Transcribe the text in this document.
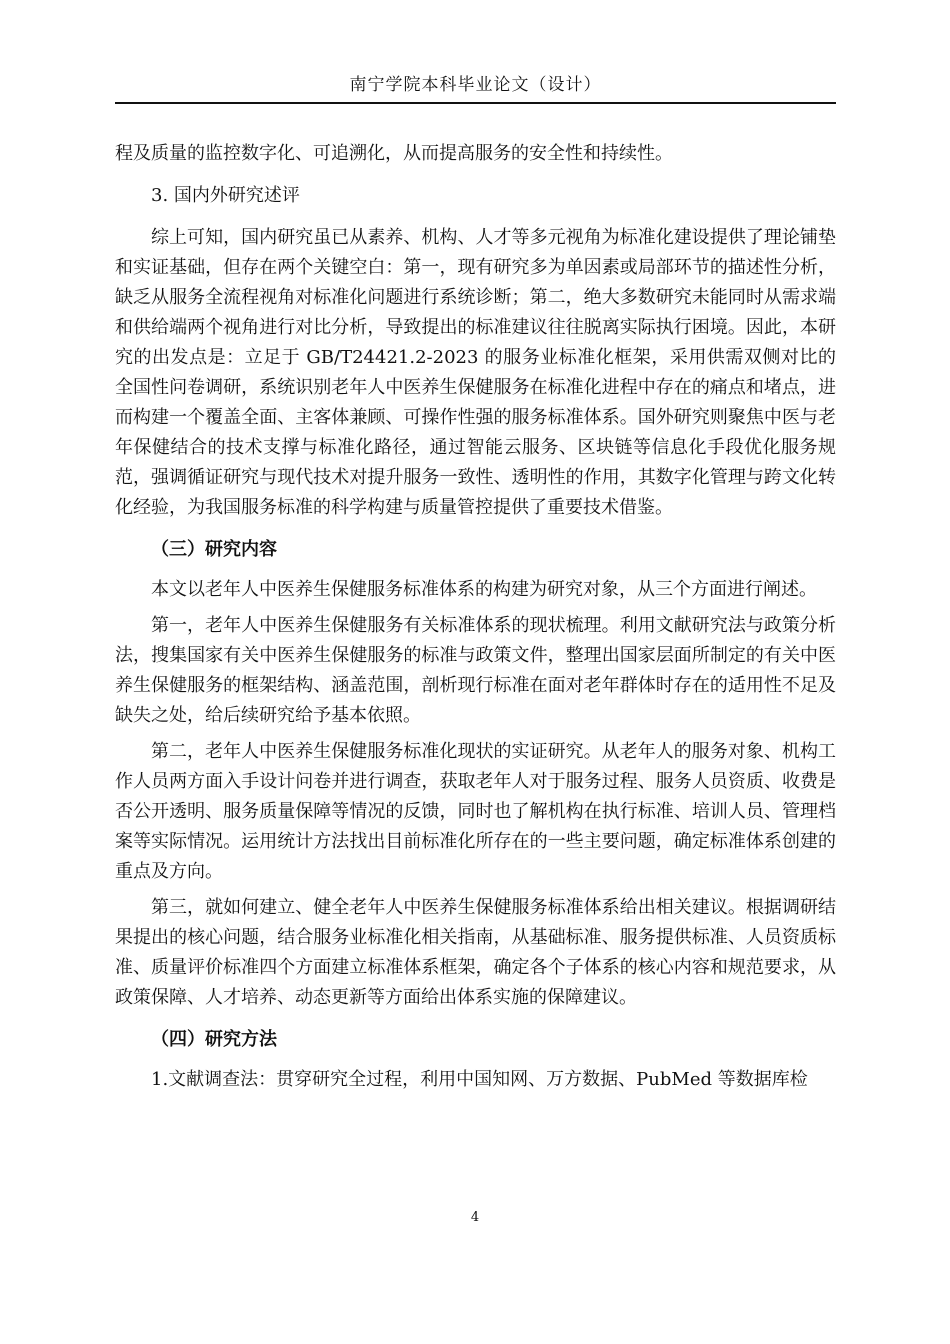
南宁学院本科毕业论文（设计）

程及质量的监控数字化、可追溯化，从而提高服务的安全性和持续性。

3. 国内外研究述评

综上可知，国内研究虽已从素养、机构、人才等多元视角为标准化建设提供了理论铺垫和实证基础，但存在两个关键空白：第一，现有研究多为单因素或局部环节的描述性分析，缺乏从服务全流程视角对标准化问题进行系统诊断；第二，绝大多数研究未能同时从需求端和供给端两个视角进行对比分析，导致提出的标准建议往往脱离实际执行困境。因此，本研究的出发点是：立足于 GB/T24421.2-2023 的服务业标准化框架，采用供需双侧对比的全国性问卷调研，系统识别老年人中医养生保健服务在标准化进程中存在的痛点和堵点，进而构建一个覆盖全面、主客体兼顾、可操作性强的服务标准体系。国外研究则聚焦中医与老年保健结合的技术支撑与标准化路径，通过智能云服务、区块链等信息化手段优化服务规范，强调循证研究与现代技术对提升服务一致性、透明性的作用，其数字化管理与跨文化转化经验，为我国服务标准的科学构建与质量管控提供了重要技术借鉴。

（三）研究内容

本文以老年人中医养生保健服务标准体系的构建为研究对象，从三个方面进行阐述。

第一，老年人中医养生保健服务有关标准体系的现状梳理。利用文献研究法与政策分析法，搜集国家有关中医养生保健服务的标准与政策文件，整理出国家层面所制定的有关中医养生保健服务的框架结构、涵盖范围，剖析现行标准在面对老年群体时存在的适用性不足及缺失之处，给后续研究给予基本依照。

第二，老年人中医养生保健服务标准化现状的实证研究。从老年人的服务对象、机构工作人员两方面入手设计问卷并进行调查，获取老年人对于服务过程、服务人员资质、收费是否公开透明、服务质量保障等情况的反馈，同时也了解机构在执行标准、培训人员、管理档案等实际情况。运用统计方法找出目前标准化所存在的一些主要问题，确定标准体系创建的重点及方向。

第三，就如何建立、健全老年人中医养生保健服务标准体系给出相关建议。根据调研结果提出的核心问题，结合服务业标准化相关指南，从基础标准、服务提供标准、人员资质标准、质量评价标准四个方面建立标准体系框架，确定各个子体系的核心内容和规范要求，从政策保障、人才培养、动态更新等方面给出体系实施的保障建议。

（四）研究方法

1.文献调查法：贯穿研究全过程，利用中国知网、万方数据、PubMed 等数据库检

4
